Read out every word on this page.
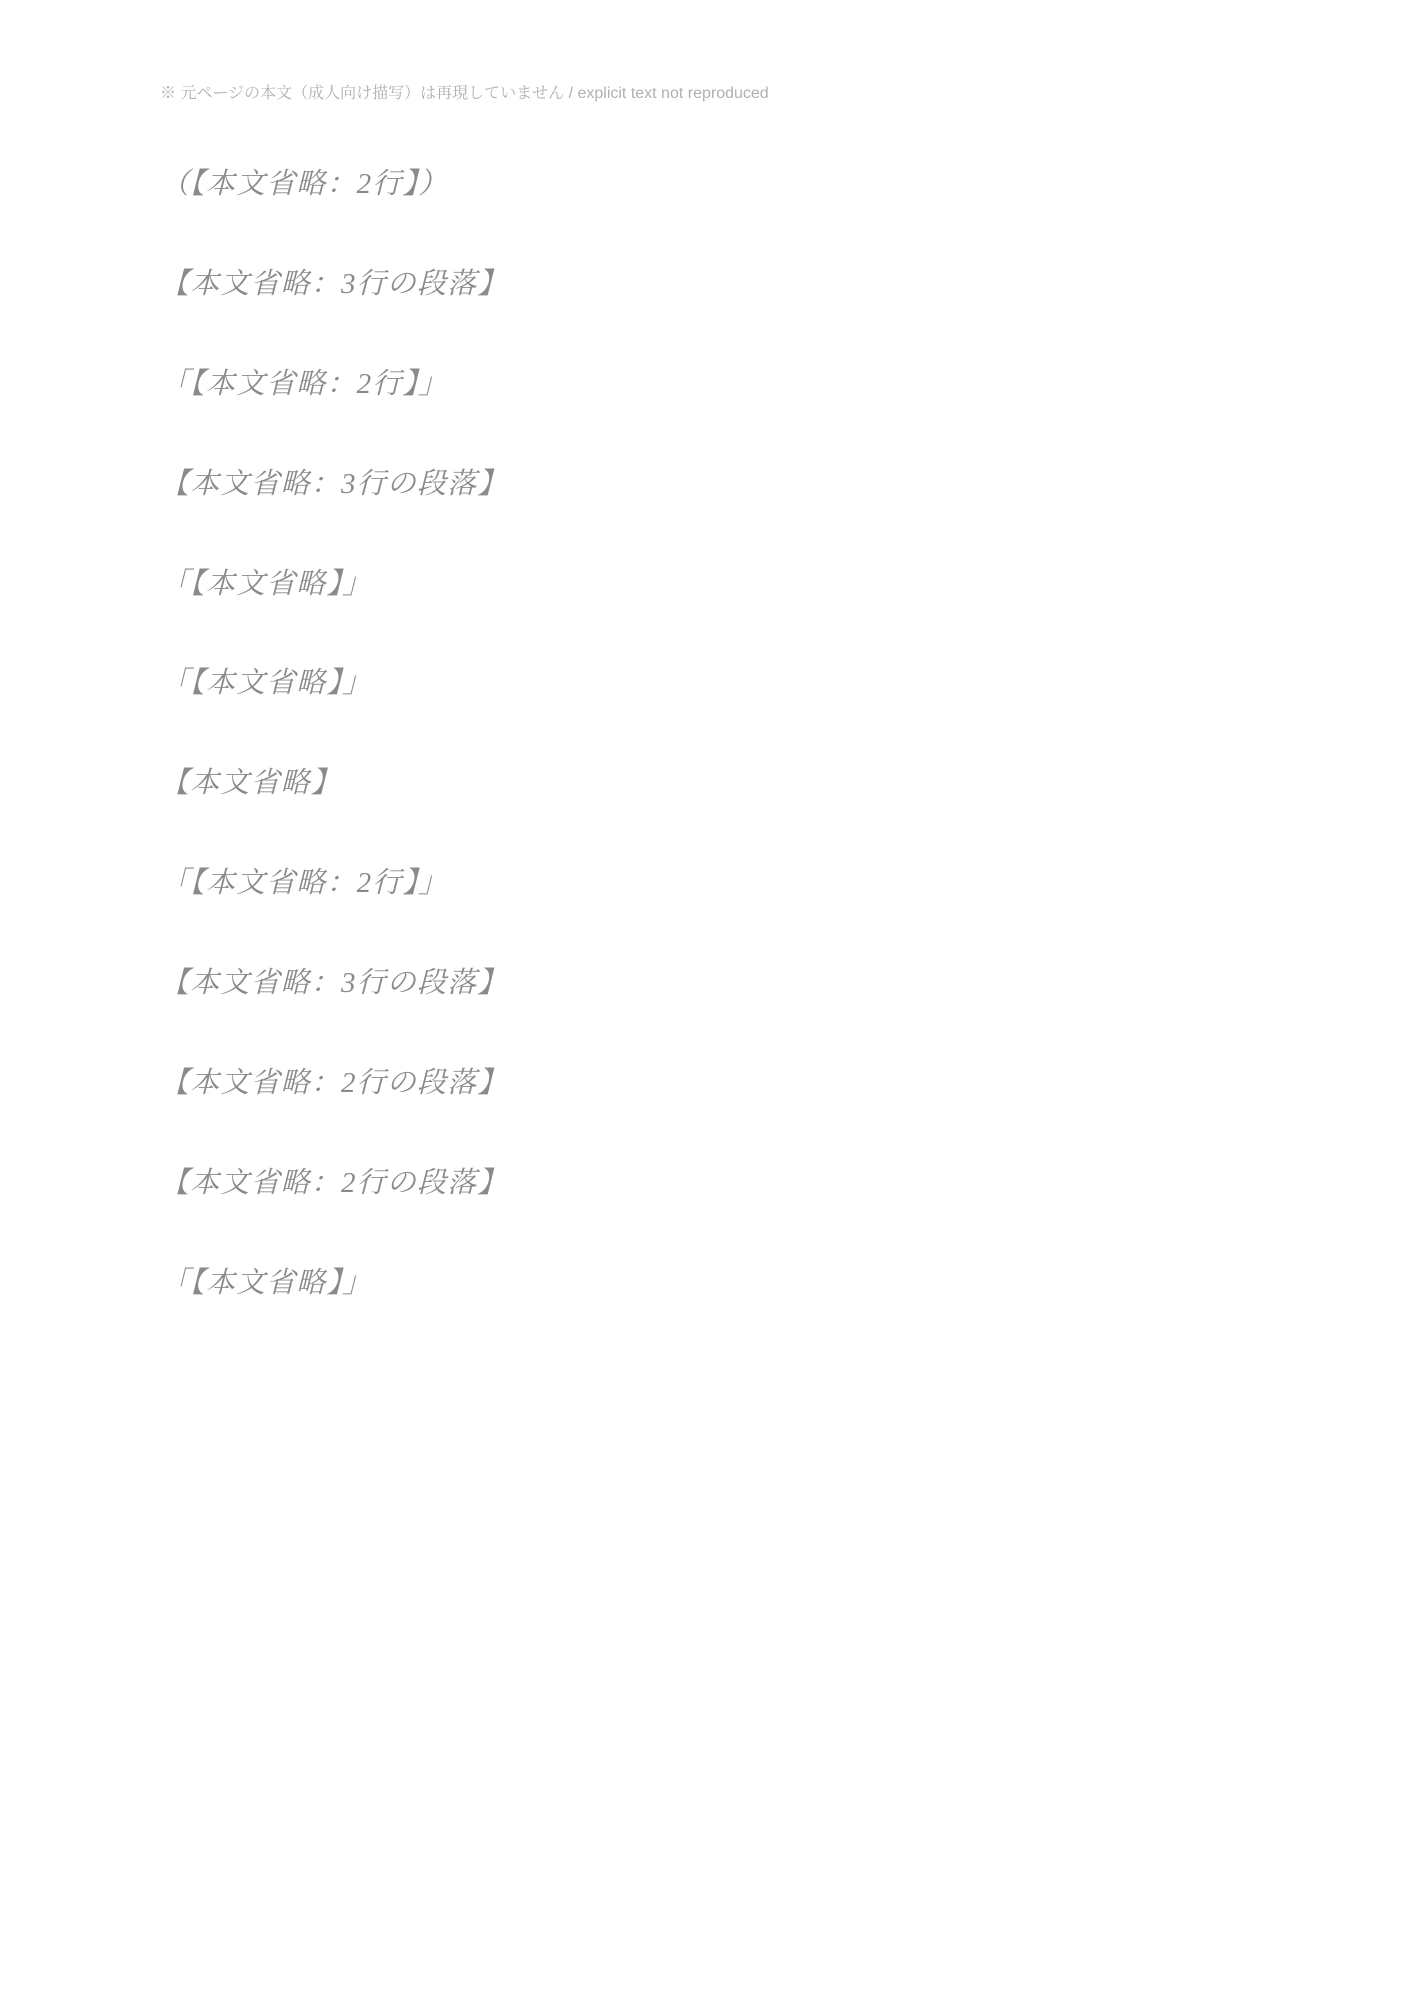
※ 元ページの本文（成人向け描写）は再現していません / explicit text not reproduced

（【本文省略：2行】）

【本文省略：3行の段落】

「【本文省略：2行】」

【本文省略：3行の段落】

「【本文省略】」

「【本文省略】」

【本文省略】

「【本文省略：2行】」

【本文省略：3行の段落】

【本文省略：2行の段落】

【本文省略：2行の段落】

「【本文省略】」
